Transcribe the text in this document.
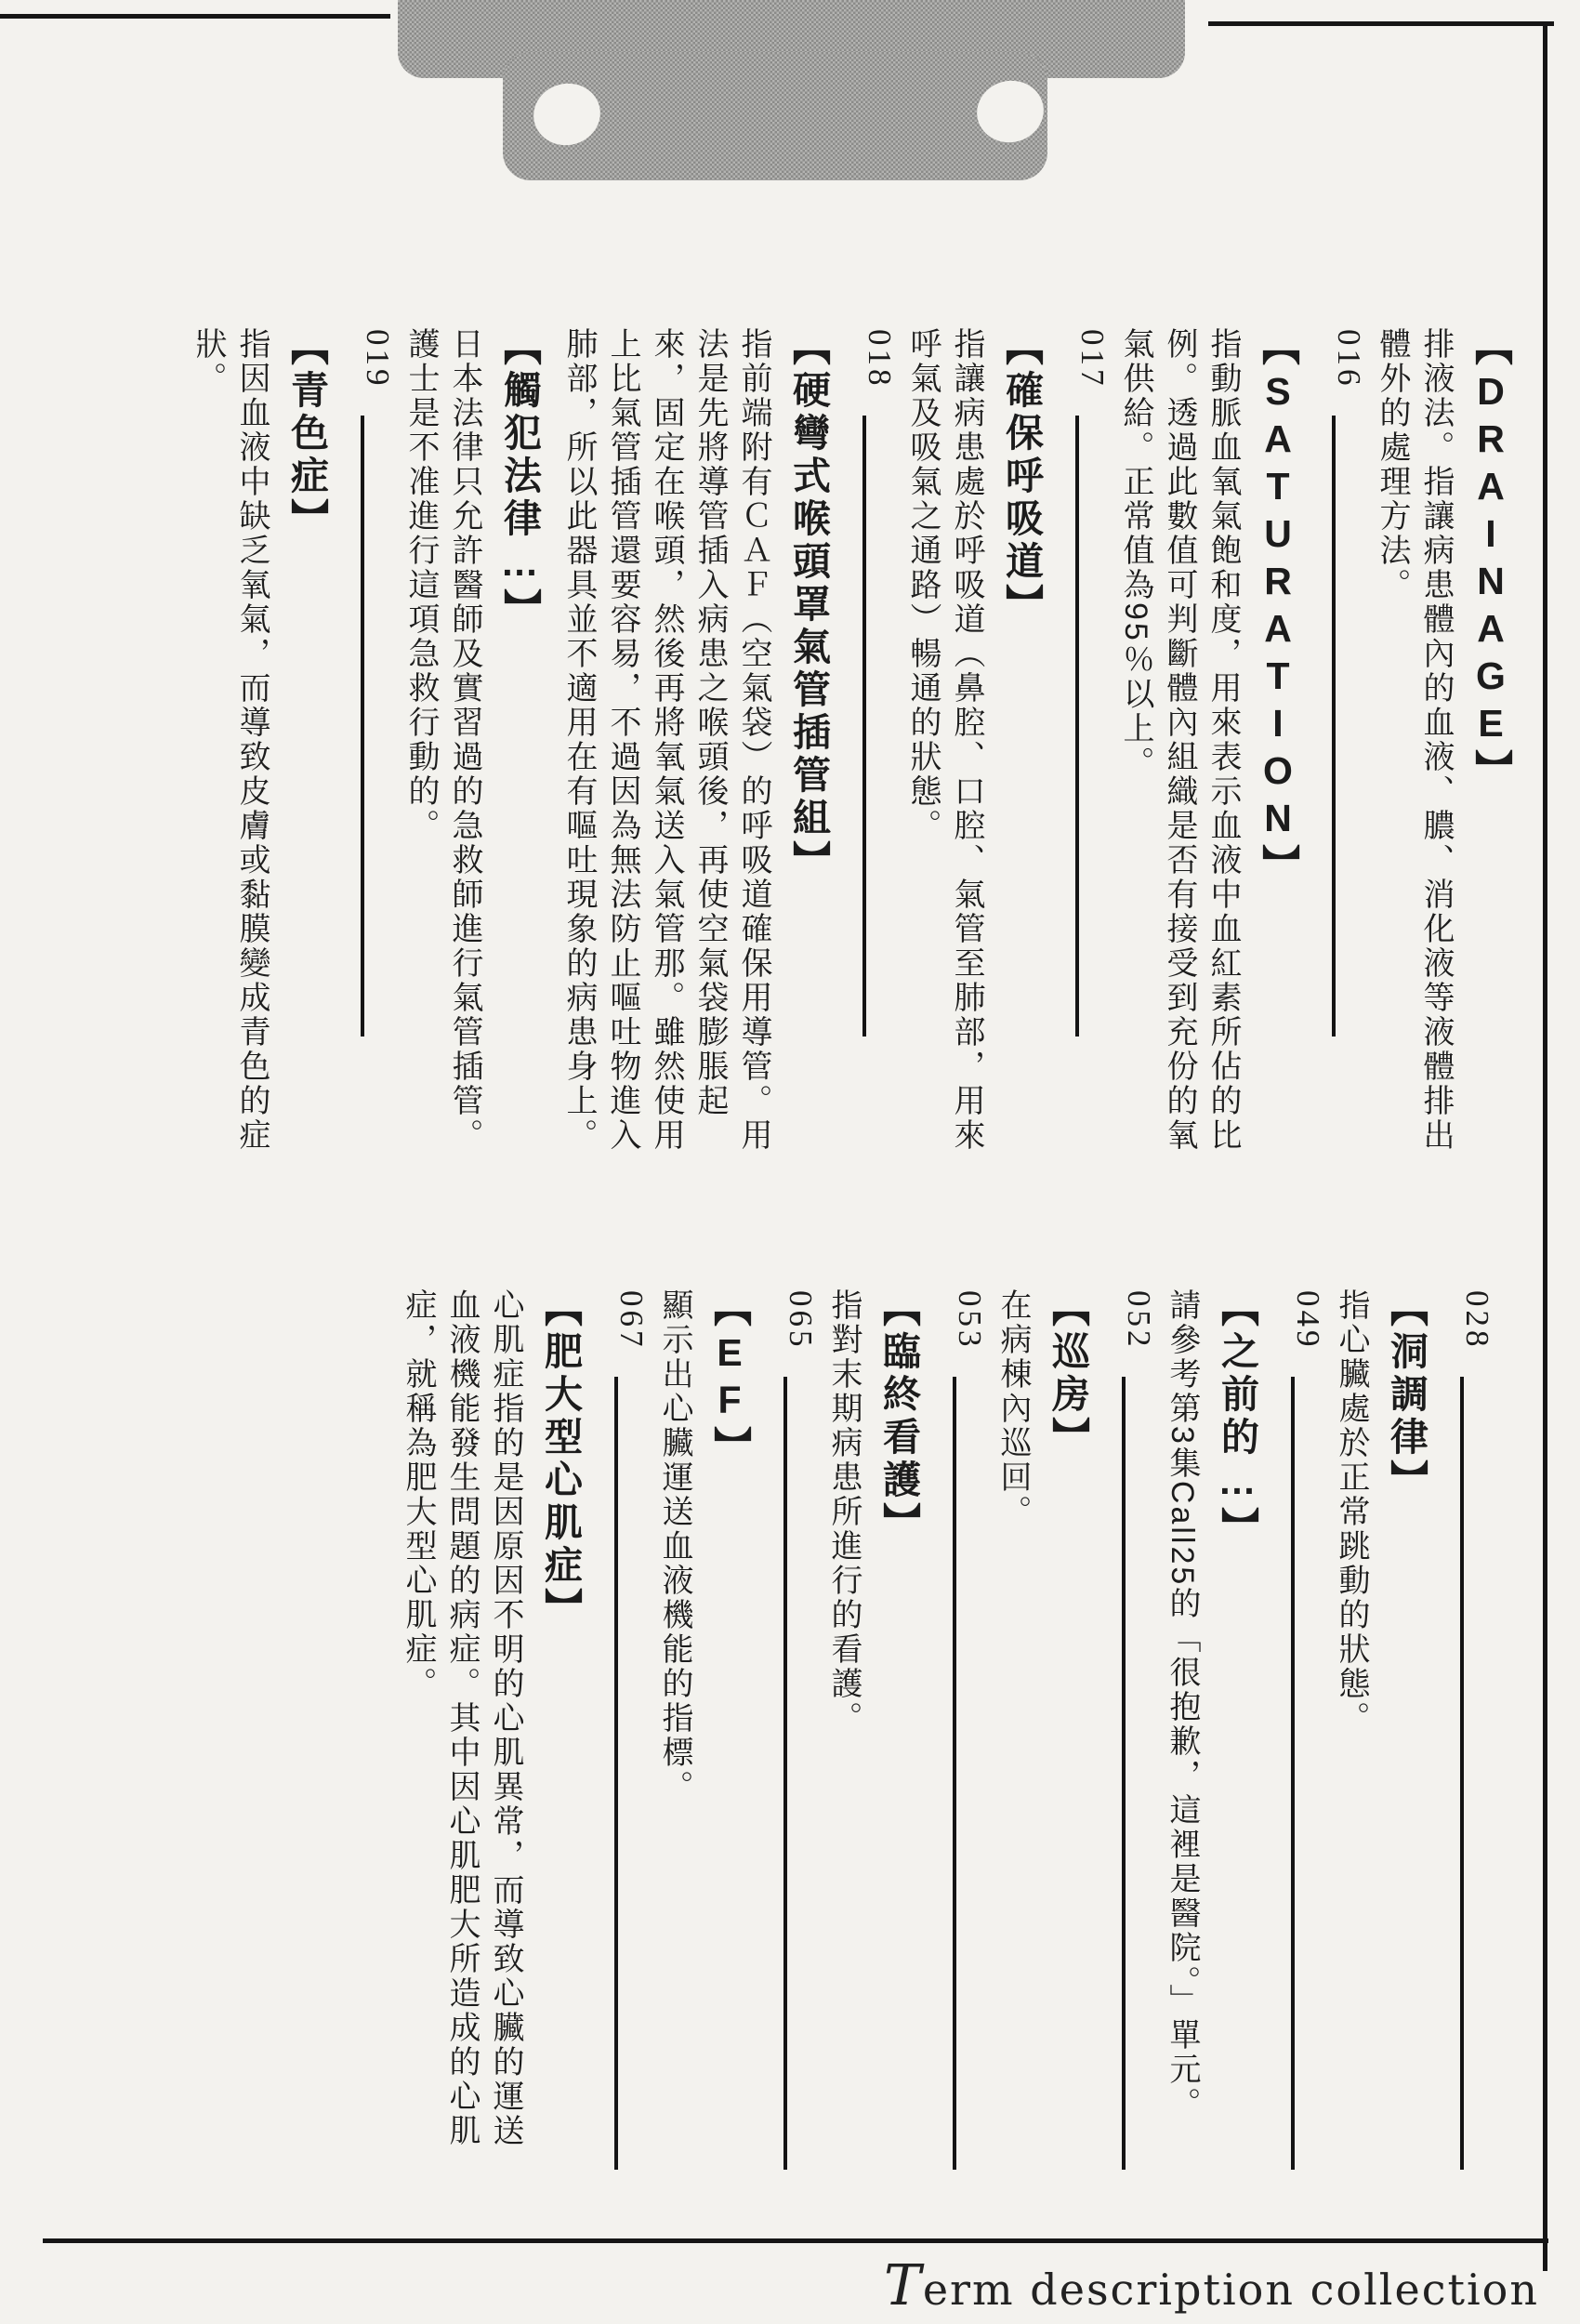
【DRAINAGE】

排液法。指讓病患體內的血液、膿、消化液等液體排出體外的處理方法。

016
【SATURATION】

指動脈血氧氣飽和度，用來表示血液中血紅素所佔的比例。透過此數值可判斷體內組織是否有接受到充份的氧氣供給。正常值為95％以上。

017
【確保呼吸道】

指讓病患處於呼吸道（鼻腔、口腔、氣管至肺部，用來呼氣及吸氣之通路）暢通的狀態。

018
【硬彎式喉頭罩氣管插管組】

指前端附有ＣＡＦ（空氣袋）的呼吸道確保用導管。用法是先將導管插入病患之喉頭後，再使空氣袋膨脹起來，固定在喉頭，然後再將氧氣送入氣管那。雖然使用上比氣管插管還要容易，不過因為無法防止嘔吐物進入肺部，所以此器具並不適用在有嘔吐現象的病患身上。

【觸犯法律…】

日本法律只允許醫師及實習過的急救師進行氣管插管。護士是不准進行這項急救行動的。

019
【青色症】

指因血液中缺乏氧氣，而導致皮膚或黏膜變成青色的症狀。

028
【洞調律】

指心臟處於正常跳動的狀態。

049
【之前的…】

請參考第3集Call25的「很抱歉，這裡是醫院。」單元。

052
【巡房】

在病棟內巡回。

053
【臨終看護】

指對末期病患所進行的看護。

065
【EF】

顯示出心臟運送血液機能的指標。

067
【肥大型心肌症】

心肌症指的是因原因不明的心肌異常，而導致心臟的運送血液機能發生問題的病症。其中因心肌肥大所造成的心肌症，就稱為肥大型心肌症。

Term description collection
